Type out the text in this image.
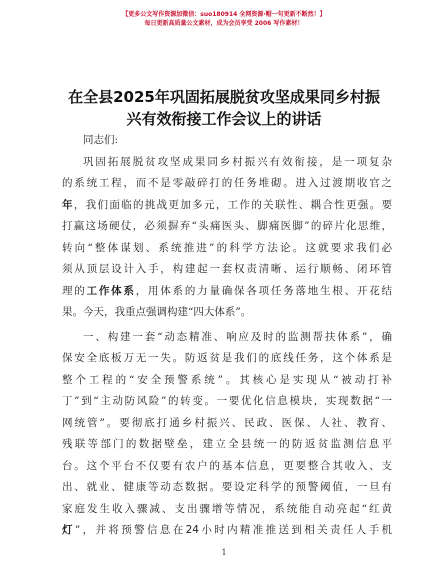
【更多公文写作资源加微信：suo180914 全网资源·帽一句更新不断然！】
每日更新高质量公文素材，成为会员享受 2006 写作素材！
在全县2025年巩固拓展脱贫攻坚成果同乡村振
兴有效衔接工作会议上的讲话
同志们:
巩固拓展脱贫攻坚成果同乡村振兴有效衔接，是一项复杂
的系统工程，而不是零敲碎打的任务堆砌。进入过渡期收官之
年，我们面临的挑战更加多元，工作的关联性、耦合性更强。要
打赢这场硬仗，必须摒弃“头痛医头、脚痛医脚”的碎片化思维，
转向“整体谋划、系统推进”的科学方法论。这就要求我们必
须从顶层设计入手，构建起一套权责清晰、运行顺畅、闭环管
理的工作体系，用体系的力量确保各项任务落地生根、开花结
果。今天，我重点强调构建“四大体系”。
一、构建一套“动态精准、响应及时的监测帮扶体系”，确
保安全底板万无一失。防返贫是我们的底线任务，这个体系是
整个工程的“安全预警系统”。其核心是实现从“被动打补
丁”到“主动防风险”的转变。一要优化信息模块，实现数据“一
网统管”。要彻底打通乡村振兴、民政、医保、人社、教育、
残联等部门的数据壁垒，建立全县统一的防返贫监测信息平
台。这个平台不仅要有农户的基本信息，更要整合其收入、支
出、就业、健康等动态数据。要设定科学的预警阈值，一旦有
家庭发生收入骤减、支出骤增等情况，系统能自动亮起“红黄
灯”，并将预警信息在24小时内精准推送到相关责任人手机
1
